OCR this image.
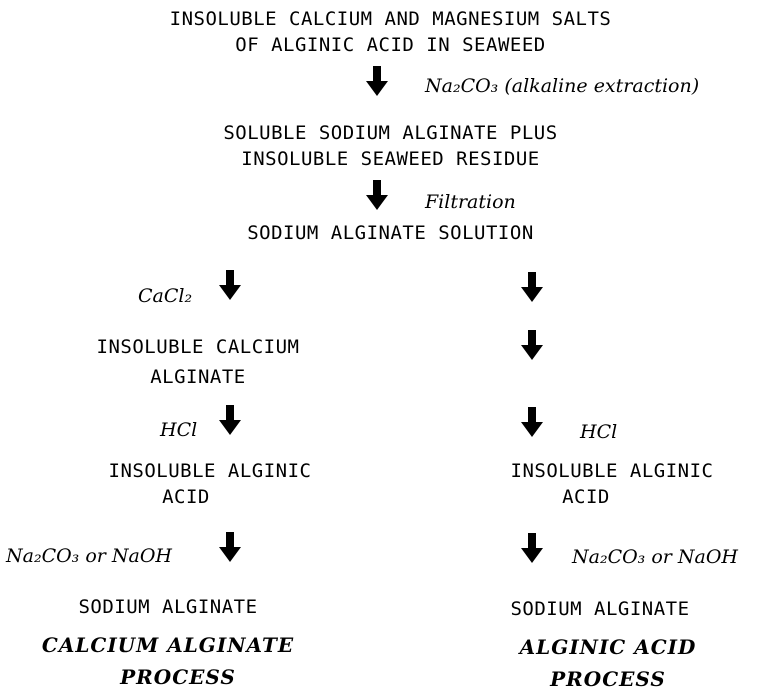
INSOLUBLE CALCIUM AND MAGNESIUM SALTS
OF ALGINIC ACID IN SEAWEED
Na₂CO₃ (alkaline extraction)
SOLUBLE SODIUM ALGINATE PLUS
INSOLUBLE SEAWEED RESIDUE
Filtration
SODIUM ALGINATE SOLUTION
CaCl₂
INSOLUBLE CALCIUM
ALGINATE
HCl
INSOLUBLE ALGINIC
ACID
Na₂CO₃ or NaOH
SODIUM ALGINATE
CALCIUM ALGINATE
PROCESS
HCl
INSOLUBLE ALGINIC
ACID
Na₂CO₃ or NaOH
SODIUM ALGINATE
ALGINIC ACID
PROCESS
